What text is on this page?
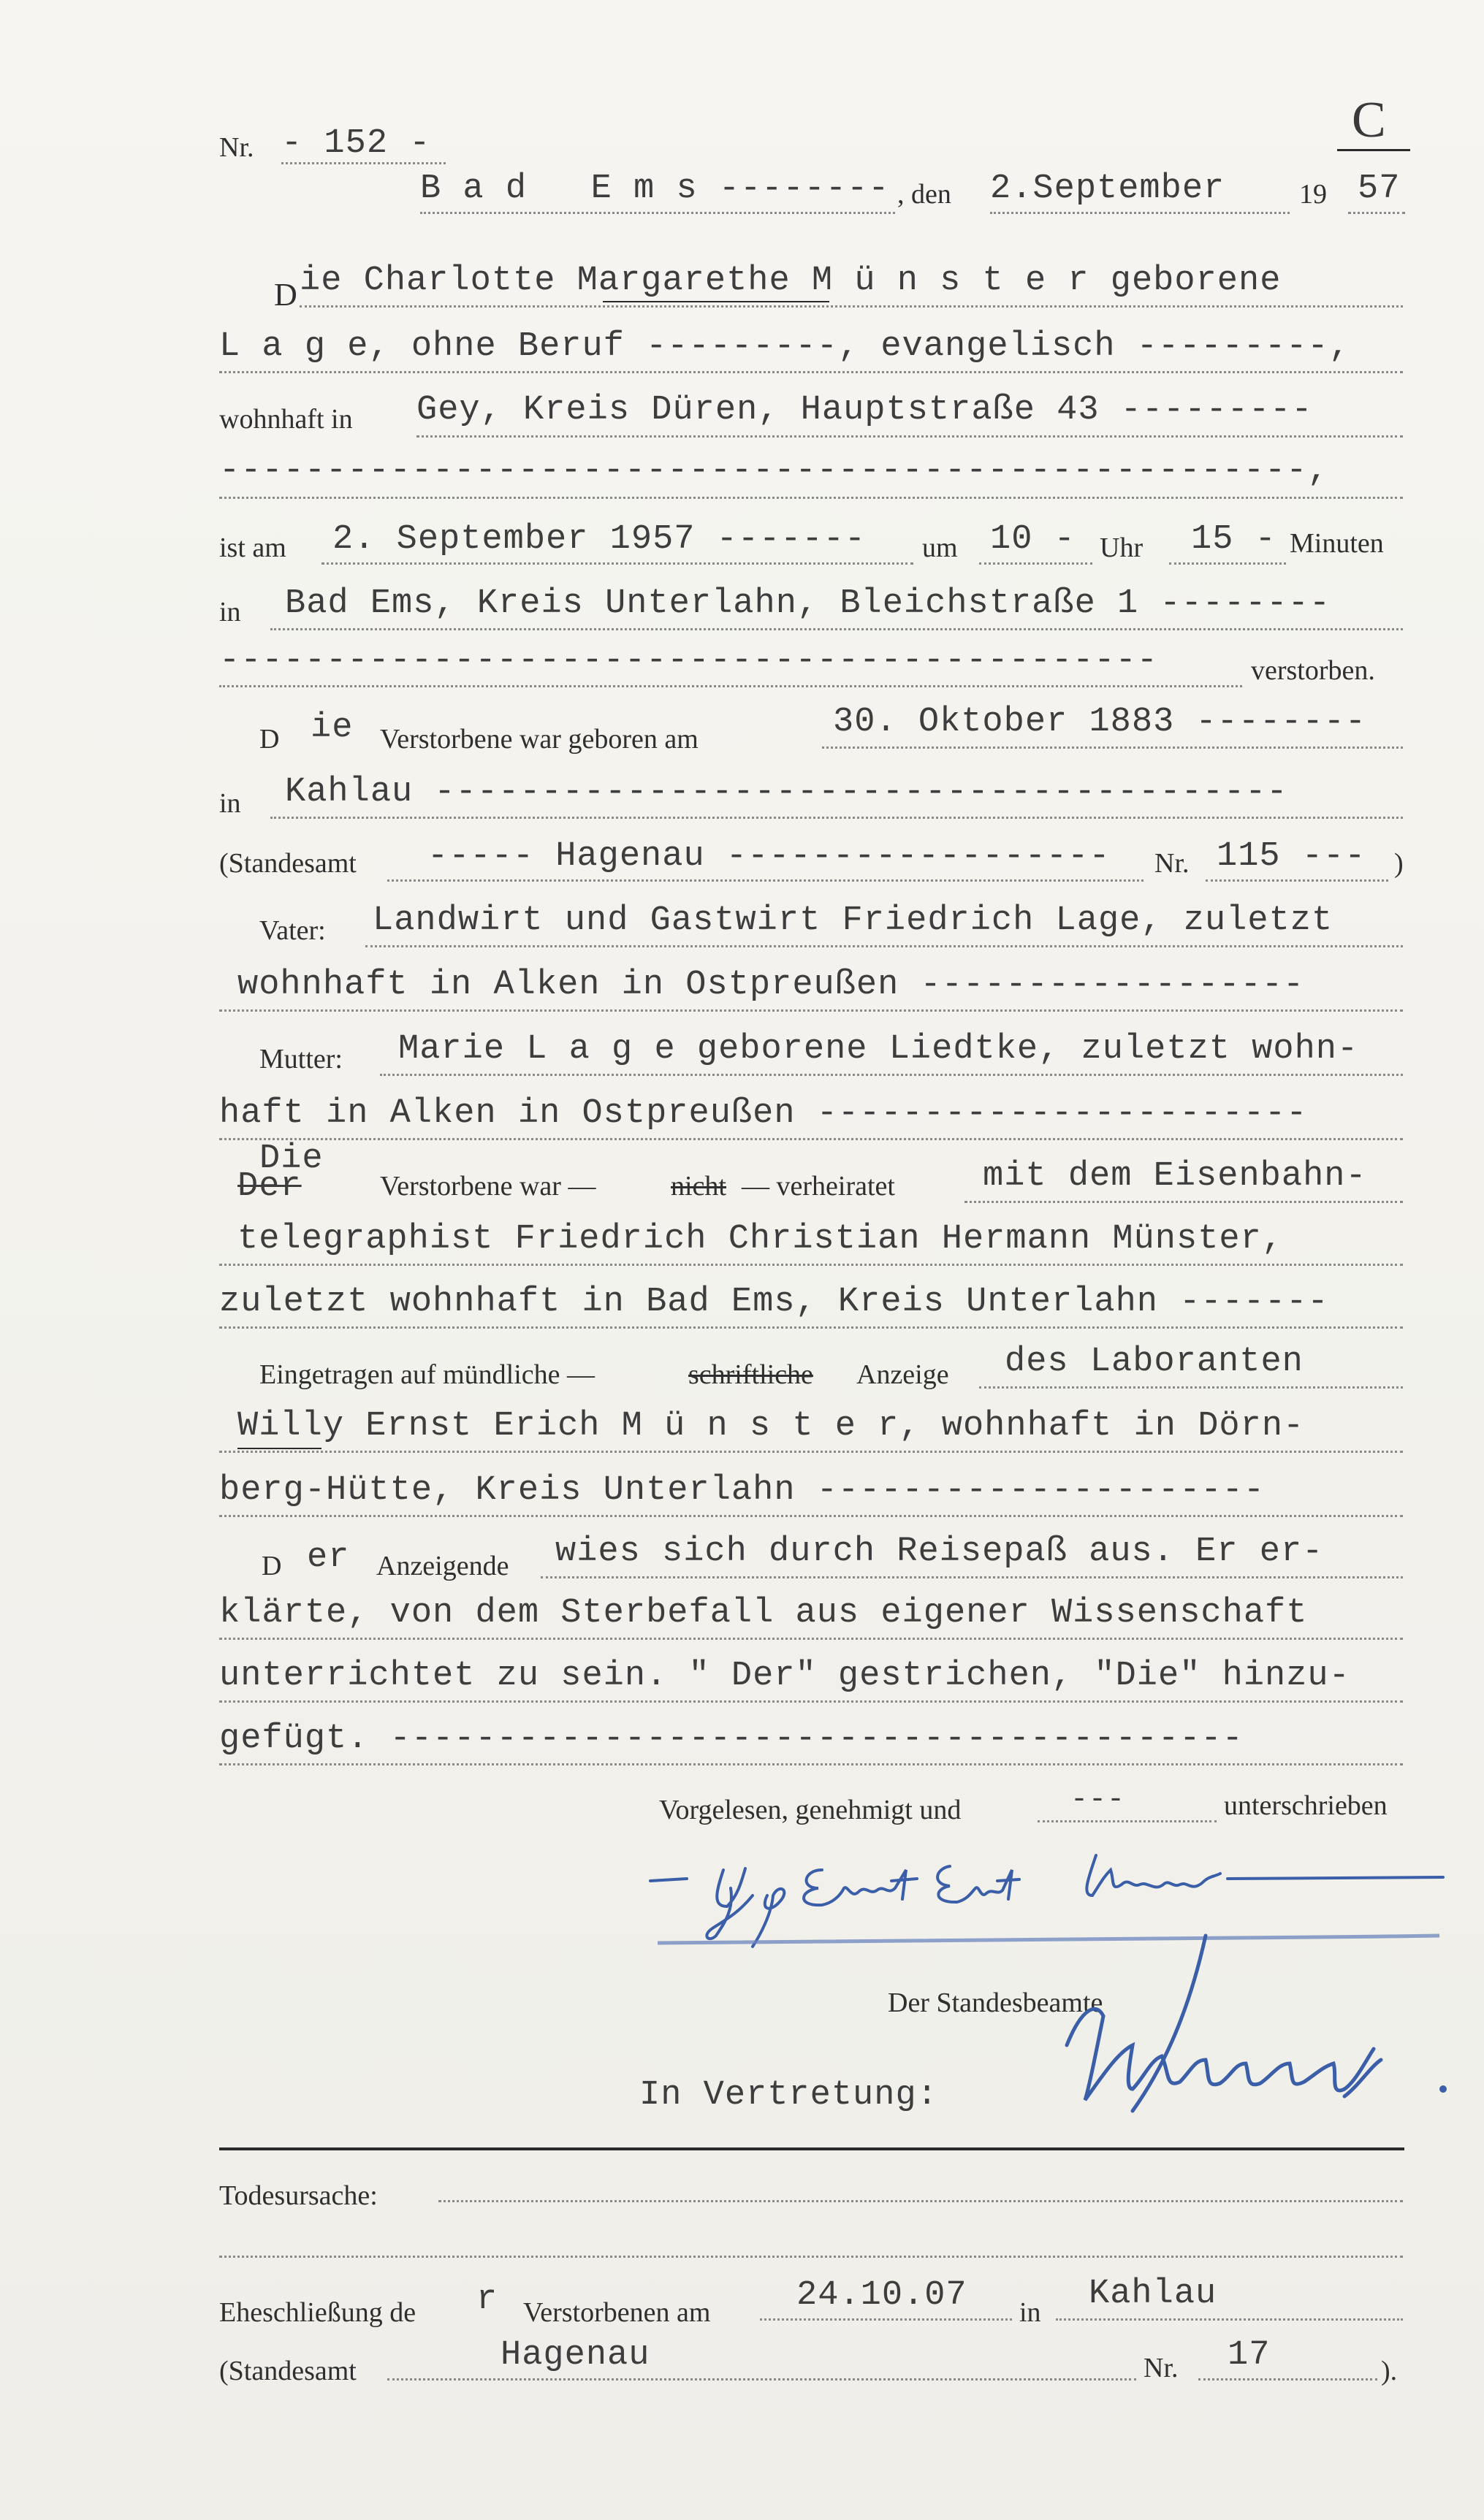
Nr. - 152 -	C
B a d   E m s -------- , den 2.September	19 57
D ie Charlotte Margarethe M ü n s t e r geborene
L a g e, ohne Beruf ---------, evangelisch ---------,
wohnhaft in Gey, Kreis Düren, Hauptstraße 43 ---------
---------------------------------------------------,
ist am 2. September 1957 ------- um 10 - Uhr 15 - Minuten
in Bad Ems, Kreis Unterlahn, Bleichstraße 1 --------
--------------------------------------------	verstorben.
D ie Verstorbene war geboren am	30. Oktober 1883 --------
in Kahlau ----------------------------------------
(Standesamt ----- Hagenau ------------------ Nr. 115 --- )
Vater: Landwirt und Gastwirt Friedrich Lage, zuletzt
wohnhaft in Alken in Ostpreußen ------------------
Mutter: Marie L a g e geborene Liedtke, zuletzt wohn-
haft in Alken in Ostpreußen -----------------------
Die
Der	Verstorbene war —	nicht — verheiratet	mit dem Eisenbahn-
telegraphist Friedrich Christian Hermann Münster,
zuletzt wohnhaft in Bad Ems, Kreis Unterlahn -------
Eingetragen auf mündliche —	schriftliche Anzeige des Laboranten
Willy Ernst Erich M ü n s t e r, wohnhaft in Dörn-
berg-Hütte, Kreis Unterlahn ---------------------
D er Anzeigende wies sich durch Reisepaß aus. Er er-
klärte, von dem Sterbefall aus eigener Wissenschaft
unterrichtet zu sein. " Der" gestrichen, "Die" hinzu-
gefügt. ----------------------------------------
Vorgelesen, genehmigt und	---	unterschrieben
Der Standesbeamte
In Vertretung:
Todesursache:
Eheschließung de r Verstorbenen am	24.10.07 in Kahlau
(Standesamt	Hagenau	Nr. 17	).
